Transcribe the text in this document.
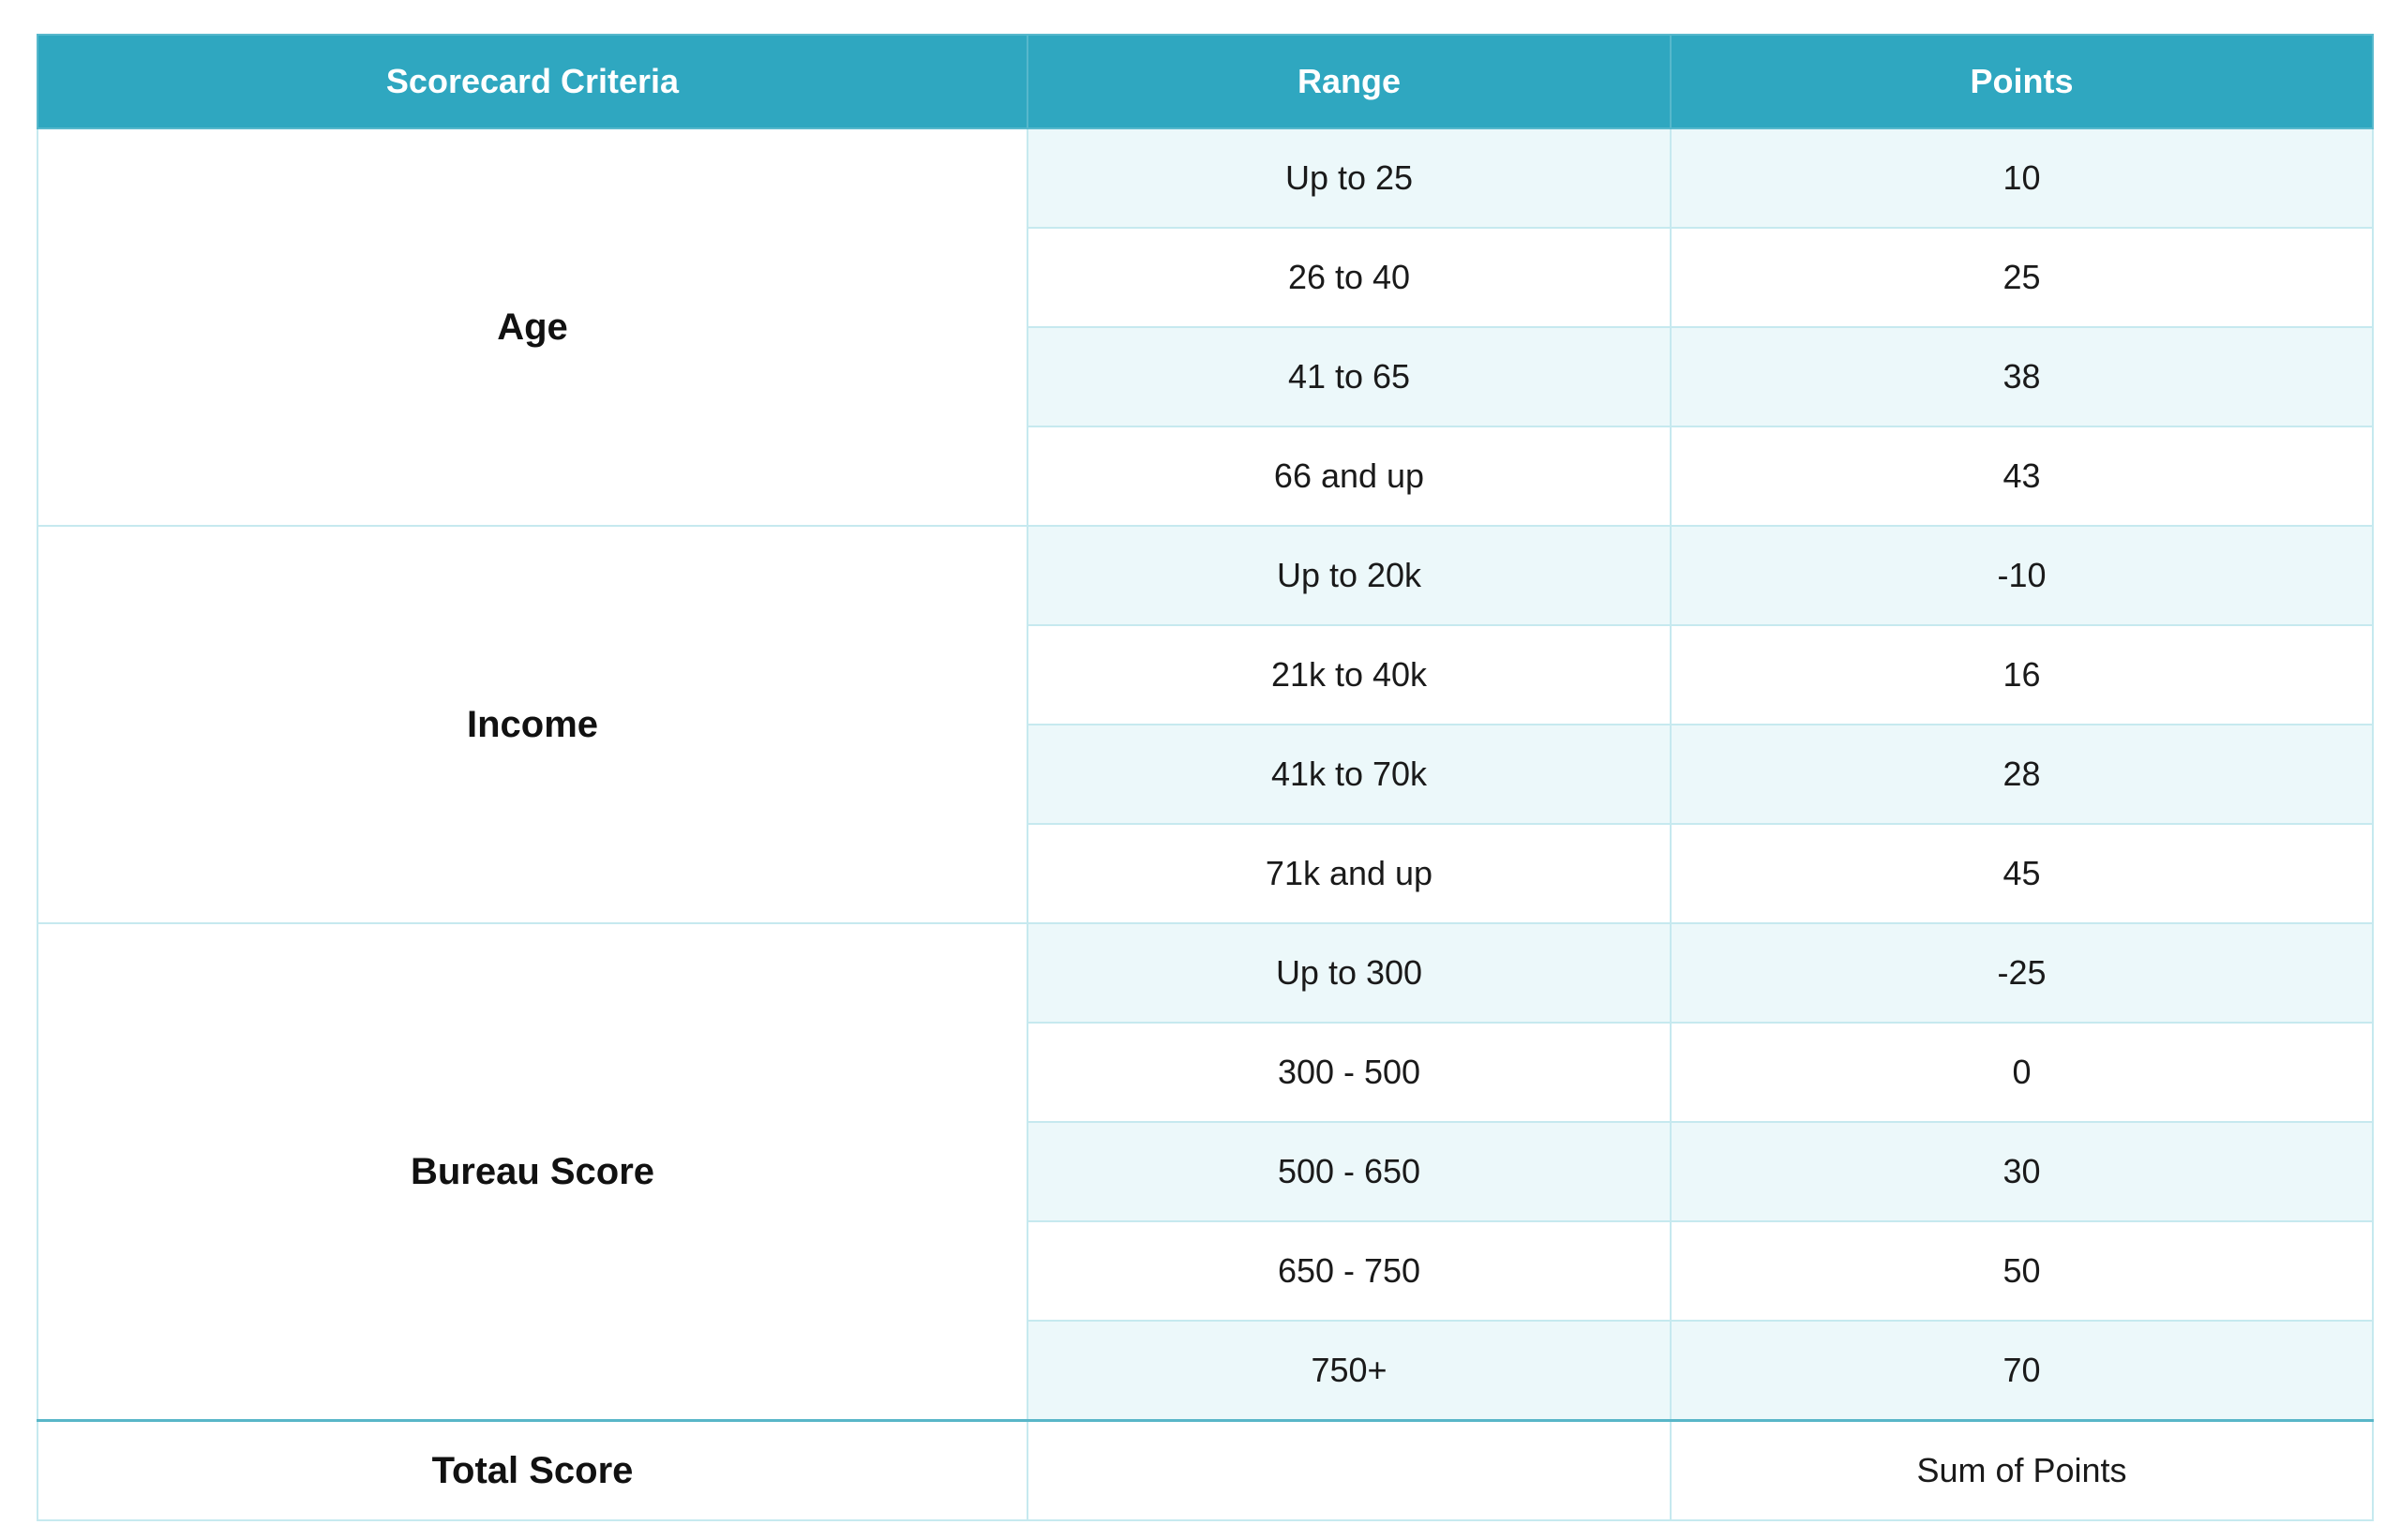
Scorecard Criteria	Range	Points
Age	Up to 25	10
	26 to 40	25
	41 to 65	38
	66 and up	43
Income	Up to 20k	-10
	21k to 40k	16
	41k to 70k	28
	71k and up	45
Bureau Score	Up to 300	-25
	300 - 500	0
	500 - 650	30
	650 - 750	50
	750+	70
Total Score		Sum of Points
